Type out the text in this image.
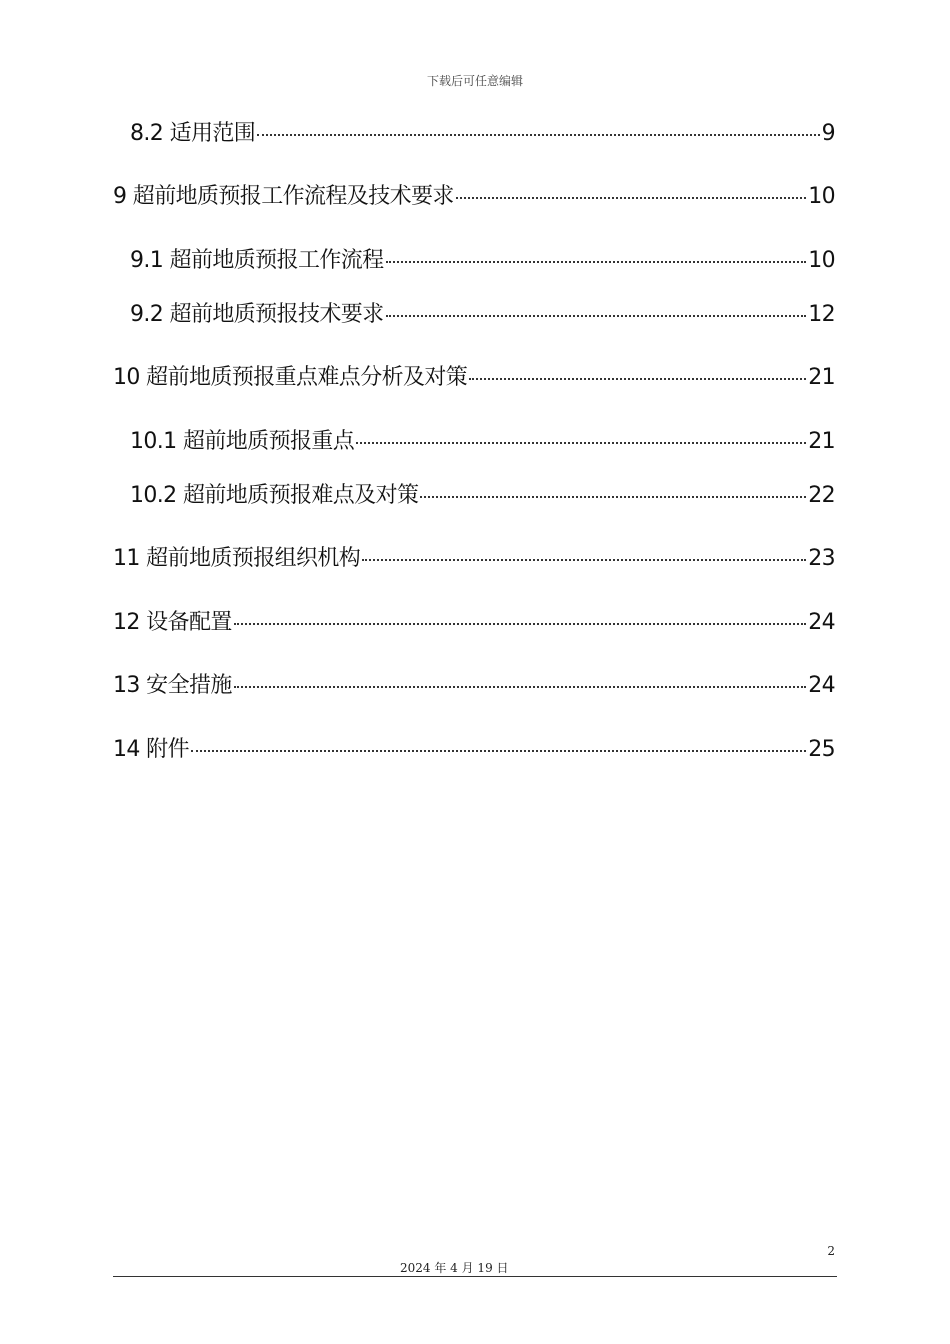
下载后可任意编辑
8.2 适用范围	9
9 超前地质预报工作流程及技术要求	10
9.1 超前地质预报工作流程	10
9.2 超前地质预报技术要求	12
10 超前地质预报重点难点分析及对策	21
10.1 超前地质预报重点	21
10.2 超前地质预报难点及对策	22
11 超前地质预报组织机构	23
12 设备配置	24
13 安全措施	24
14 附件	25
2
2024 年 4 月 19 日
